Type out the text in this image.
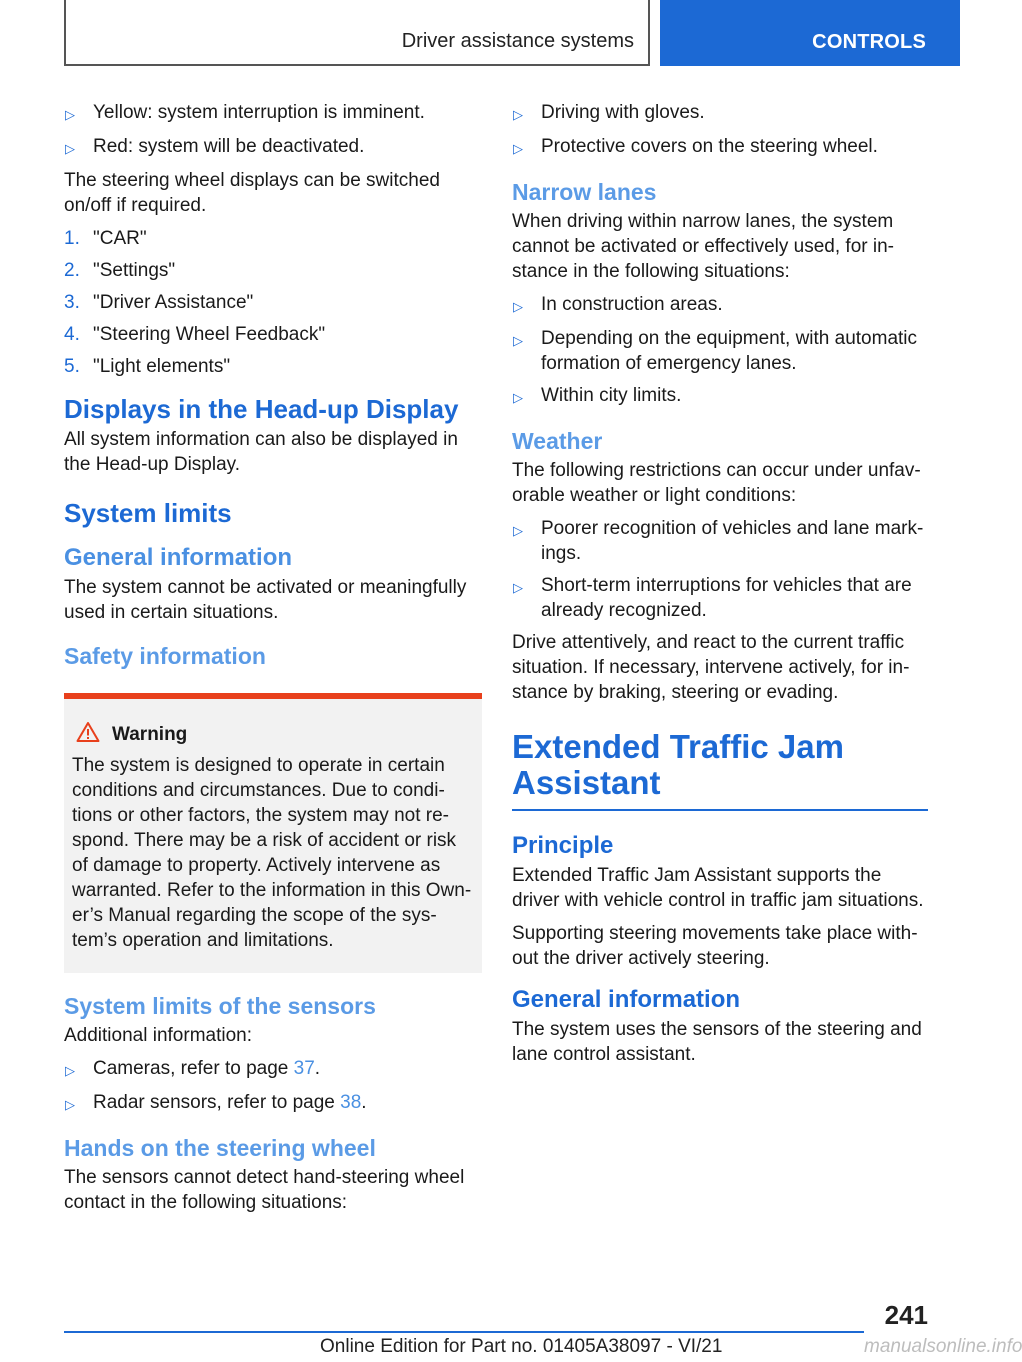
Driver assistance systems	CONTROLS
▷ Yellow: system interruption is imminent.
▷ Red: system will be deactivated.

The steering wheel displays can be switched on/off if required.

1. "CAR"
2. "Settings"
3. "Driver Assistance"
4. "Steering Wheel Feedback"
5. "Light elements"
Displays in the Head-up Display

All system information can also be displayed in the Head-up Display.

System limits
General information

The system cannot be activated or meaningfully used in certain situations.

Safety information
Warning

The system is designed to operate in certain conditions and circumstances. Due to condi-tions or other factors, the system may not re-spond. There may be a risk of accident or risk of damage to property. Actively intervene as warranted. Refer to the information in this Own-er’s Manual regarding the scope of the sys-tem’s operation and limitations.

System limits of the sensors

Additional information:

▷ Cameras, refer to page 37.
▷ Radar sensors, refer to page 38.
Hands on the steering wheel

The sensors cannot detect hand-steering wheel contact in the following situations:

▷ Driving with gloves.
▷ Protective covers on the steering wheel.
Narrow lanes

When driving within narrow lanes, the system cannot be activated or effectively used, for in-stance in the following situations:

▷ In construction areas.
▷ Depending on the equipment, with automatic formation of emergency lanes.
▷ Within city limits.
Weather

The following restrictions can occur under unfav-orable weather or light conditions:

▷ Poorer recognition of vehicles and lane mark-ings.
▷ Short-term interruptions for vehicles that are already recognized.

Drive attentively, and react to the current traffic situation. If necessary, intervene actively, for in-stance by braking, steering or evading.

Extended Traffic Jam Assistant
Principle

Extended Traffic Jam Assistant supports the driver with vehicle control in traffic jam situations.

Supporting steering movements take place with-out the driver actively steering.

General information

The system uses the sensors of the steering and lane control assistant.

241
Online Edition for Part no. 01405A38097 - VI/21	manualsonline.info
